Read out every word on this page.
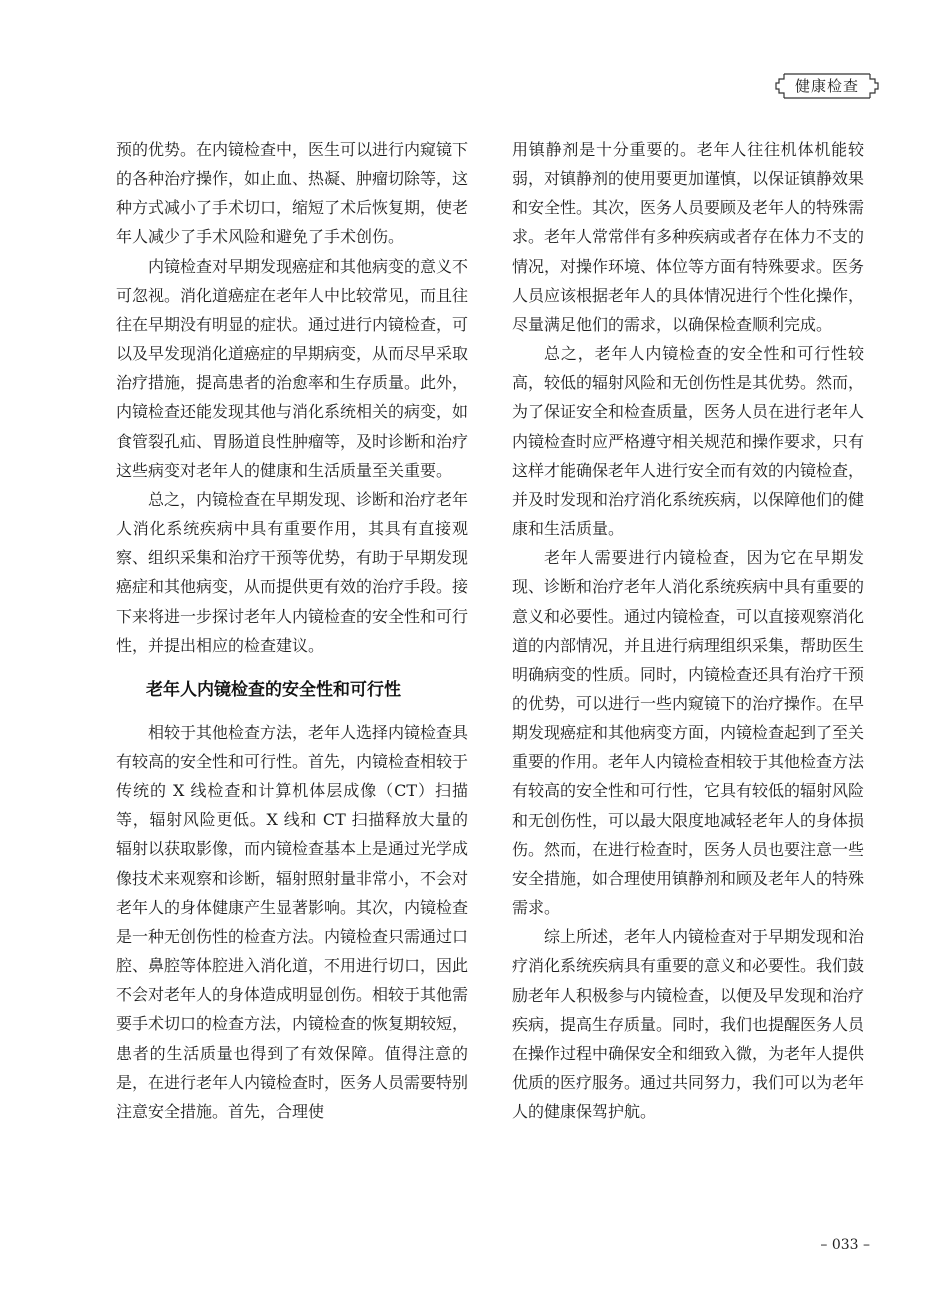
健康检查

预的优势。在内镜检查中，医生可以进行内窥镜下的各种治疗操作，如止血、热凝、肿瘤切除等，这种方式减小了手术切口，缩短了术后恢复期，使老年人减少了手术风险和避免了手术创伤。

内镜检查对早期发现癌症和其他病变的意义不可忽视。消化道癌症在老年人中比较常见，而且往往在早期没有明显的症状。通过进行内镜检查，可以及早发现消化道癌症的早期病变，从而尽早采取治疗措施，提高患者的治愈率和生存质量。此外，内镜检查还能发现其他与消化系统相关的病变，如食管裂孔疝、胃肠道良性肿瘤等，及时诊断和治疗这些病变对老年人的健康和生活质量至关重要。

总之，内镜检查在早期发现、诊断和治疗老年人消化系统疾病中具有重要作用，其具有直接观察、组织采集和治疗干预等优势，有助于早期发现癌症和其他病变，从而提供更有效的治疗手段。接下来将进一步探讨老年人内镜检查的安全性和可行性，并提出相应的检查建议。

老年人内镜检查的安全性和可行性

相较于其他检查方法，老年人选择内镜检查具有较高的安全性和可行性。首先，内镜检查相较于传统的 X 线检查和计算机体层成像（CT）扫描等，辐射风险更低。X 线和 CT 扫描释放大量的辐射以获取影像，而内镜检查基本上是通过光学成像技术来观察和诊断，辐射照射量非常小，不会对老年人的身体健康产生显著影响。其次，内镜检查是一种无创伤性的检查方法。内镜检查只需通过口腔、鼻腔等体腔进入消化道，不用进行切口，因此不会对老年人的身体造成明显创伤。相较于其他需要手术切口的检查方法，内镜检查的恢复期较短，患者的生活质量也得到了有效保障。值得注意的是，在进行老年人内镜检查时，医务人员需要特别注意安全措施。首先，合理使

用镇静剂是十分重要的。老年人往往机体机能较弱，对镇静剂的使用要更加谨慎，以保证镇静效果和安全性。其次，医务人员要顾及老年人的特殊需求。老年人常常伴有多种疾病或者存在体力不支的情况，对操作环境、体位等方面有特殊要求。医务人员应该根据老年人的具体情况进行个性化操作，尽量满足他们的需求，以确保检查顺利完成。

总之，老年人内镜检查的安全性和可行性较高，较低的辐射风险和无创伤性是其优势。然而，为了保证安全和检查质量，医务人员在进行老年人内镜检查时应严格遵守相关规范和操作要求，只有这样才能确保老年人进行安全而有效的内镜检查，并及时发现和治疗消化系统疾病，以保障他们的健康和生活质量。

老年人需要进行内镜检查，因为它在早期发现、诊断和治疗老年人消化系统疾病中具有重要的意义和必要性。通过内镜检查，可以直接观察消化道的内部情况，并且进行病理组织采集，帮助医生明确病变的性质。同时，内镜检查还具有治疗干预的优势，可以进行一些内窥镜下的治疗操作。在早期发现癌症和其他病变方面，内镜检查起到了至关重要的作用。老年人内镜检查相较于其他检查方法有较高的安全性和可行性，它具有较低的辐射风险和无创伤性，可以最大限度地减轻老年人的身体损伤。然而，在进行检查时，医务人员也要注意一些安全措施，如合理使用镇静剂和顾及老年人的特殊需求。

综上所述，老年人内镜检查对于早期发现和治疗消化系统疾病具有重要的意义和必要性。我们鼓励老年人积极参与内镜检查，以便及早发现和治疗疾病，提高生存质量。同时，我们也提醒医务人员在操作过程中确保安全和细致入微，为老年人提供优质的医疗服务。通过共同努力，我们可以为老年人的健康保驾护航。

– 033 –
